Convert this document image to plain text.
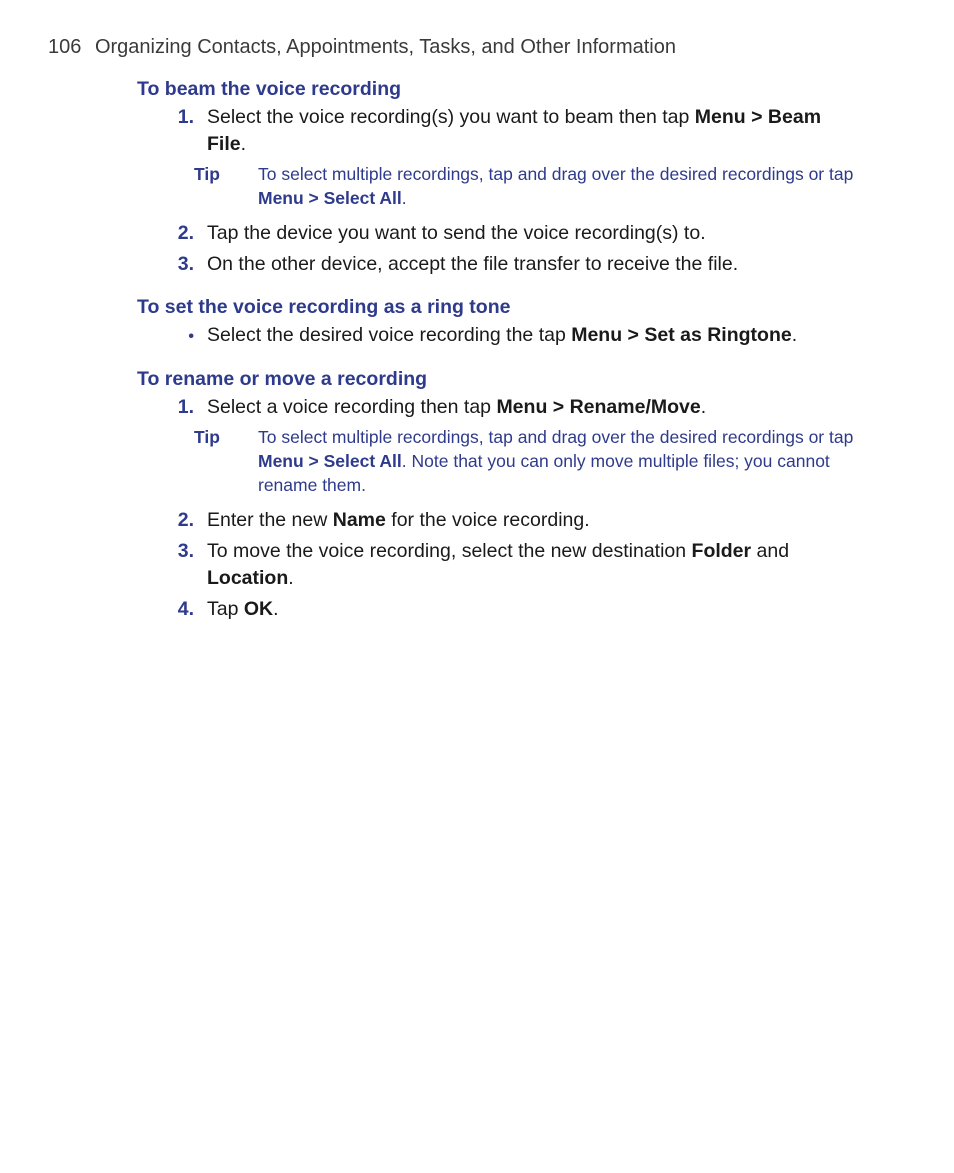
106 Organizing Contacts, Appointments, Tasks, and Other Information
To beam the voice recording
1. Select the voice recording(s) you want to beam then tap Menu > Beam File.
Tip	To select multiple recordings, tap and drag over the desired recordings or tap Menu > Select All.
2. Tap the device you want to send the voice recording(s) to.
3. On the other device, accept the file transfer to receive the file.
To set the voice recording as a ring tone
• Select the desired voice recording the tap Menu > Set as Ringtone.
To rename or move a recording
1. Select a voice recording then tap Menu > Rename/Move.
Tip	To select multiple recordings, tap and drag over the desired recordings or tap Menu > Select All. Note that you can only move multiple files; you cannot rename them.
2. Enter the new Name for the voice recording.
3. To move the voice recording, select the new destination Folder and Location.
4. Tap OK.
